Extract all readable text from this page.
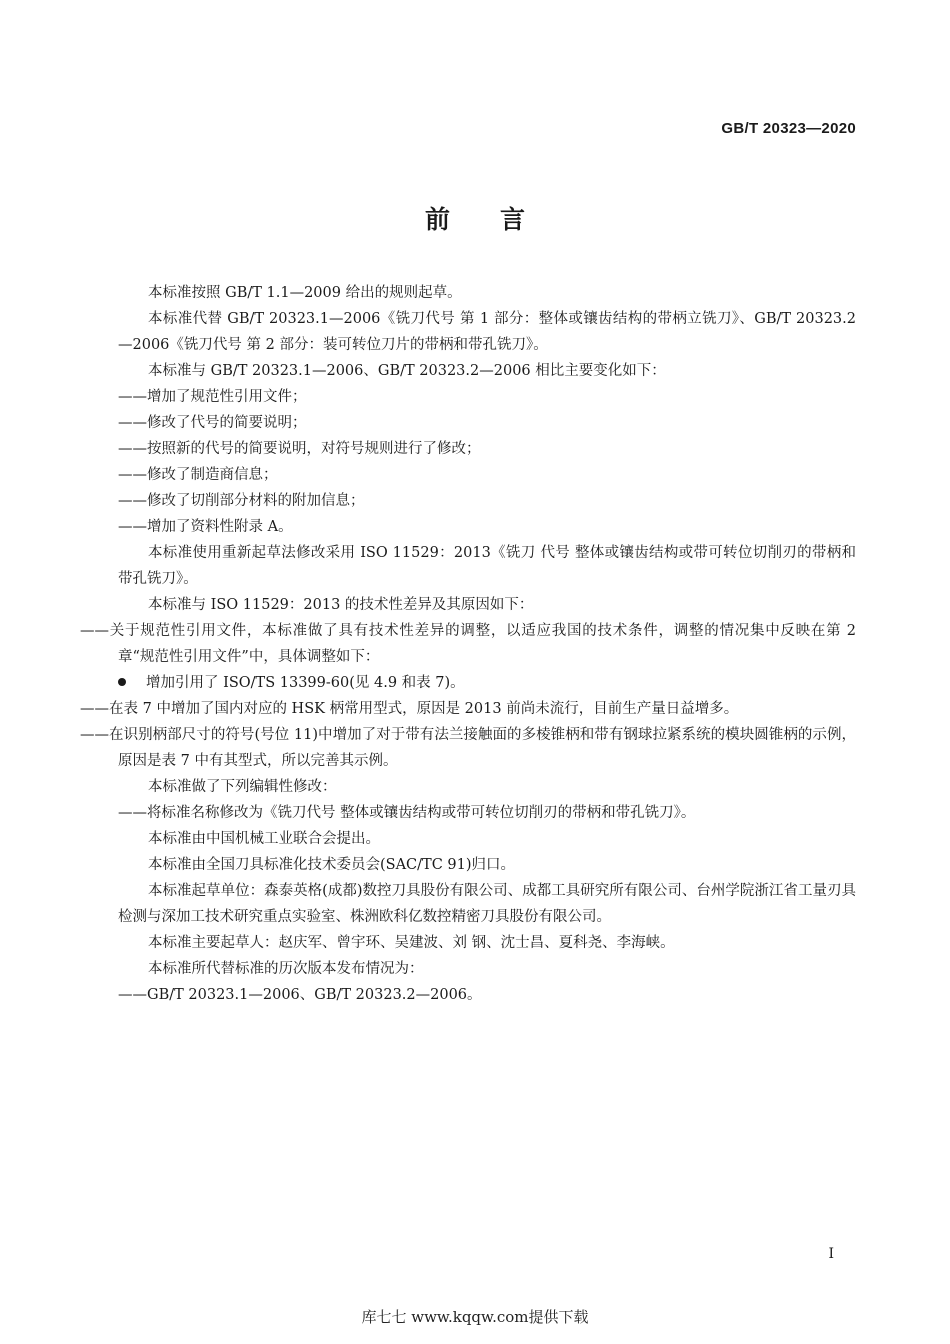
GB/T 20323—2020
前言

本标准按照 GB/T 1.1—2009 给出的规则起草。

本标准代替 GB/T 20323.1—2006《铣刀代号 第 1 部分：整体或镶齿结构的带柄立铣刀》、GB/T 20323.2—2006《铣刀代号 第 2 部分：装可转位刀片的带柄和带孔铣刀》。

本标准与 GB/T 20323.1—2006、GB/T 20323.2—2006 相比主要变化如下：

——增加了规范性引用文件；

——修改了代号的简要说明；

——按照新的代号的简要说明，对符号规则进行了修改；

——修改了制造商信息；

——修改了切削部分材料的附加信息；

——增加了资料性附录 A。

本标准使用重新起草法修改采用 ISO 11529：2013《铣刀 代号 整体或镶齿结构或带可转位切削刃的带柄和带孔铣刀》。

本标准与 ISO 11529：2013 的技术性差异及其原因如下：

——关于规范性引用文件，本标准做了具有技术性差异的调整，以适应我国的技术条件，调整的情况集中反映在第 2 章“规范性引用文件”中，具体调整如下：

增加引用了 ISO/TS 13399-60(见 4.9 和表 7)。

——在表 7 中增加了国内对应的 HSK 柄常用型式，原因是 2013 前尚未流行，目前生产量日益增多。

——在识别柄部尺寸的符号(号位 11)中增加了对于带有法兰接触面的多棱锥柄和带有钢球拉紧系统的模块圆锥柄的示例，原因是表 7 中有其型式，所以完善其示例。

本标准做了下列编辑性修改：

——将标准名称修改为《铣刀代号 整体或镶齿结构或带可转位切削刃的带柄和带孔铣刀》。

本标准由中国机械工业联合会提出。

本标准由全国刀具标准化技术委员会(SAC/TC 91)归口。

本标准起草单位：森泰英格(成都)数控刀具股份有限公司、成都工具研究所有限公司、台州学院浙江省工量刃具检测与深加工技术研究重点实验室、株洲欧科亿数控精密刀具股份有限公司。

本标准主要起草人：赵庆军、曾宇环、吴建波、刘 钢、沈士昌、夏科尧、李海峡。

本标准所代替标准的历次版本发布情况为：

——GB/T 20323.1—2006、GB/T 20323.2—2006。

I
库七七 www.kqqw.com提供下载
